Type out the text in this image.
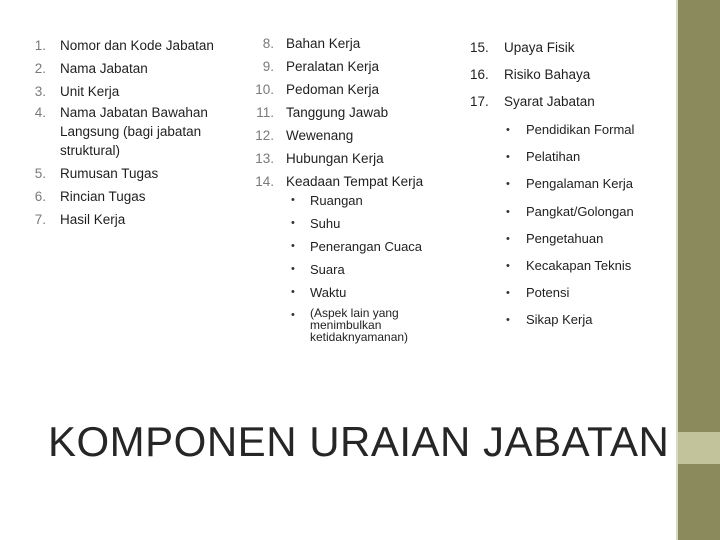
1. Nomor dan Kode Jabatan
2. Nama Jabatan
3. Unit Kerja
4. Nama Jabatan Bawahan Langsung (bagi jabatan struktural)
5. Rumusan Tugas
6. Rincian Tugas
7. Hasil Kerja
8. Bahan Kerja
9. Peralatan Kerja
10. Pedoman Kerja
11. Tanggung Jawab
12. Wewenang
13. Hubungan Kerja
14. Keadaan Tempat Kerja
• Ruangan
• Suhu
• Penerangan Cuaca
• Suara
• Waktu
• (Aspek lain yang menimbulkan ketidaknyamanan)
15. Upaya Fisik
16. Risiko Bahaya
17. Syarat Jabatan
• Pendidikan Formal
• Pelatihan
• Pengalaman Kerja
• Pangkat/Golongan
• Pengetahuan
• Kecakapan Teknis
• Potensi
• Sikap Kerja
KOMPONEN URAIAN JABATAN
